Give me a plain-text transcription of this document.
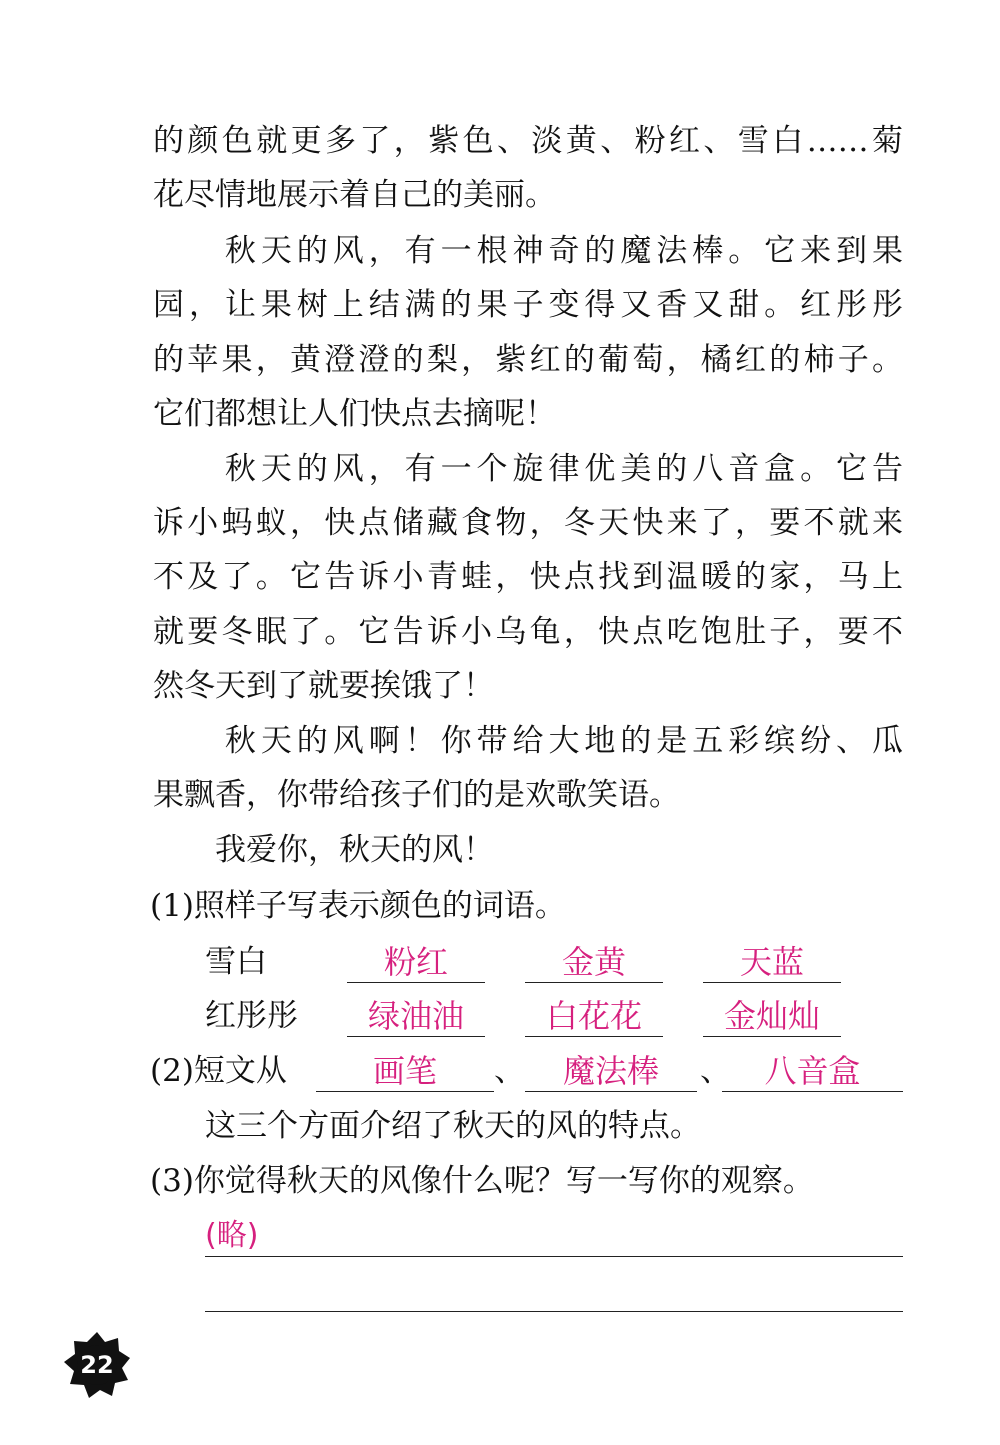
的颜色就更多了，紫色、淡黄、粉红、雪白……菊
花尽情地展示着自己的美丽。
　　秋天的风，有一根神奇的魔法棒。它来到果
园，让果树上结满的果子变得又香又甜。红彤彤
的苹果，黄澄澄的梨，紫红的葡萄，橘红的柿子。
它们都想让人们快点去摘呢！
　　秋天的风，有一个旋律优美的八音盒。它告
诉小蚂蚁，快点储藏食物，冬天快来了，要不就来
不及了。它告诉小青蛙，快点找到温暖的家，马上
就要冬眠了。它告诉小乌龟，快点吃饱肚子，要不
然冬天到了就要挨饿了！
　　秋天的风啊！你带给大地的是五彩缤纷、瓜
果飘香，你带给孩子们的是欢歌笑语。
　　我爱你，秋天的风！
(1)照样子写表示颜色的词语。
雪白	粉红	金黄	天蓝
红彤彤	绿油油	白花花	金灿灿
(2)短文从	画笔	、	魔法棒	、	八音盒
这三个方面介绍了秋天的风的特点。
(3)你觉得秋天的风像什么呢？写一写你的观察。
(略)
22
